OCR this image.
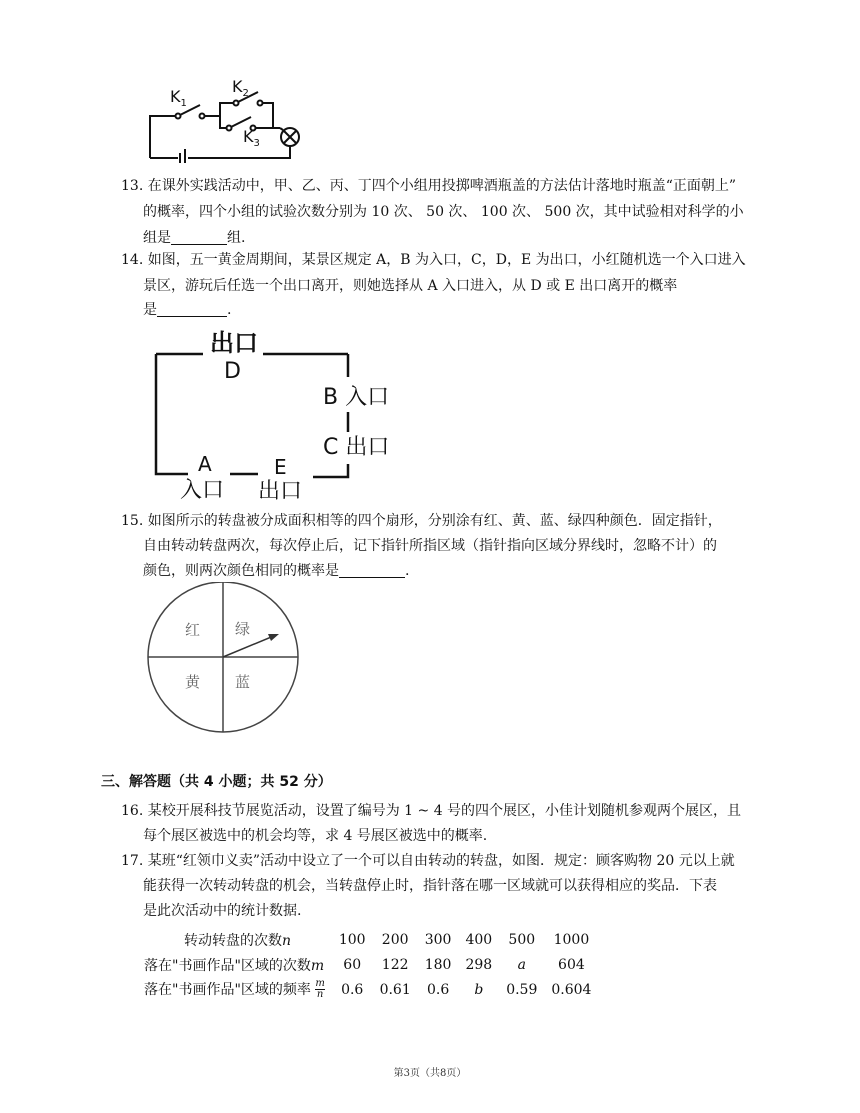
$K_1$
$K_2$
$K_3$
13. 在课外实践活动中，甲、乙、丙、丁四个小组用投掷啤酒瓶盖的方法估计落地时瓶盖“正面朝上”
的概率，四个小组的试验次数分别为 10 次、 50 次、 100 次、 500 次，其中试验相对科学的小
组是	组.
14. 如图，五一黄金周期间，某景区规定 A，B 为入口，C，D，E 为出口，小红随机选一个入口进入
景区，游玩后任选一个出口离开，则她选择从 A 入口进入，从 D 或 E 出口离开的概率
是	.
出口
D
B 入口
C 出口
A
入口
E
出口
15. 如图所示的转盘被分成面积相等的四个扇形，分别涂有红、黄、蓝、绿四种颜色．固定指针，
自由转动转盘两次，每次停止后，记下指针所指区域（指针指向区域分界线时，忽略不计）的
颜色，则两次颜色相同的概率是	.
红 绿
黄 蓝
三、解答题（共 4 小题；共 52 分）
16. 某校开展科技节展览活动，设置了编号为 1 ~ 4 号的四个展区，小佳计划随机参观两个展区，且
每个展区被选中的机会均等，求 4 号展区被选中的概率.
17. 某班“红领巾义卖”活动中设立了一个可以自由转动的转盘，如图．规定：顾客购物 20 元以上就
能获得一次转动转盘的机会，当转盘停止时，指针落在哪一区域就可以获得相应的奖品．下表
是此次活动中的统计数据.
转动转盘的次数n	100	200	300	400	500	1000
落在"书画作品"区域的次数m	60	122	180	298	a	604
落在"书画作品"区域的频率 $\frac{m}{n}$	0.6	0.61	0.6	b	0.59	0.604
第3页（共8页）
